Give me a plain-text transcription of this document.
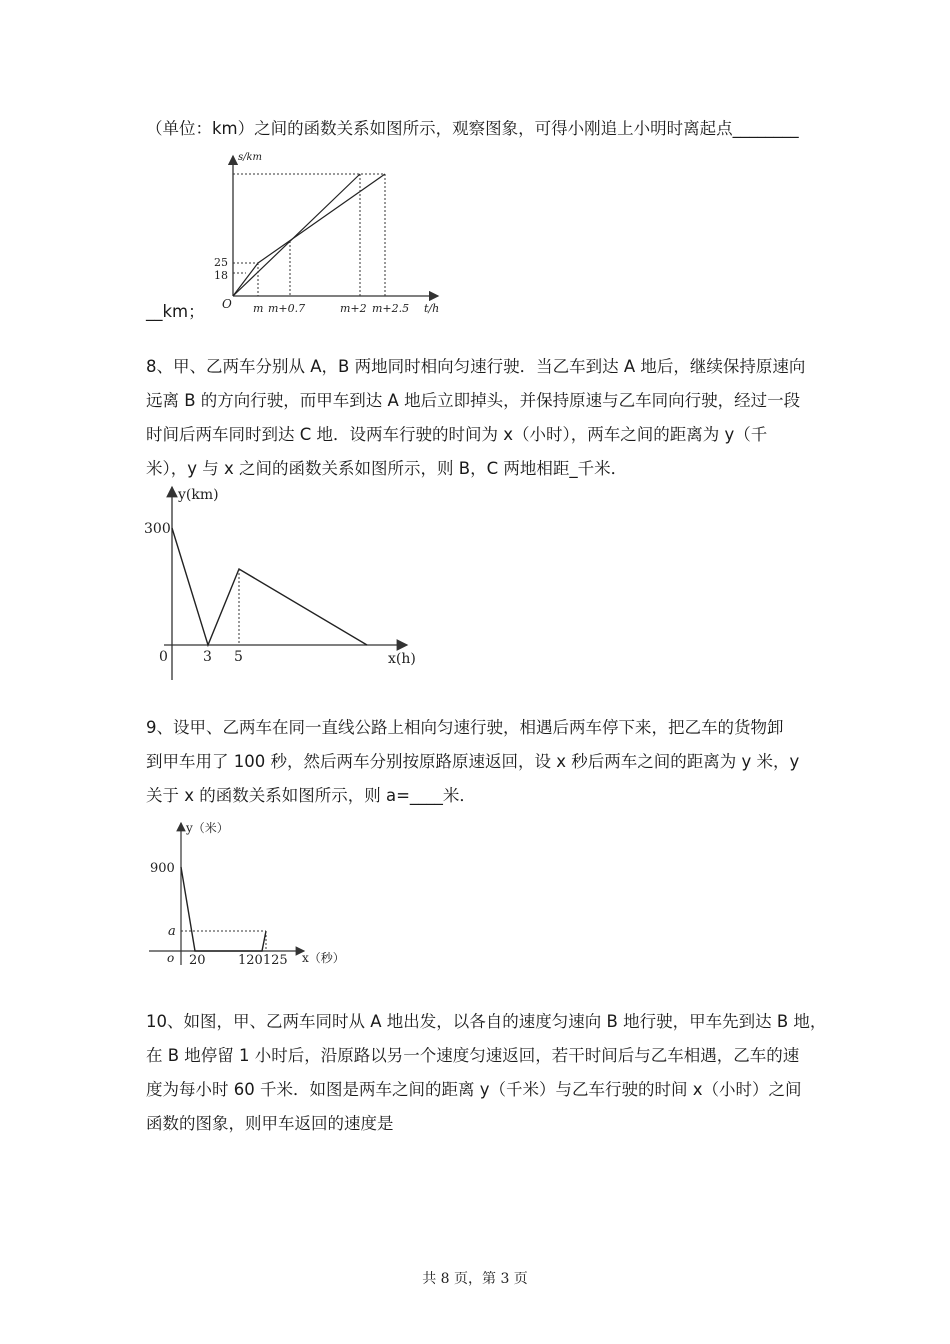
（单位：km）之间的函数关系如图所示，观察图象，可得小刚追上小明时离起点________
s/km
t/h
O
25
18
m m+0.7	m+2 m+2.5
__km；
8、甲、乙两车分别从 A，B 两地同时相向匀速行驶．当乙车到达 A 地后，继续保持原速向
远离 B 的方向行驶，而甲车到达 A 地后立即掉头，并保持原速与乙车同向行驶，经过一段
时间后两车同时到达 C 地．设两车行驶的时间为 x（小时），两车之间的距离为 y（千
米），y 与 x 之间的函数关系如图所示，则 B，C 两地相距_千米．
y(km)
x(h)
300
0	3 5
9、设甲、乙两车在同一直线公路上相向匀速行驶，相遇后两车停下来，把乙车的货物卸
到甲车用了 100 秒，然后两车分别按原路原速返回，设 x 秒后两车之间的距离为 y 米，y
关于 x 的函数关系如图所示，则 a=____米．
y（米）
x（秒）
900
a
o 20 120125
10、如图，甲、乙两车同时从 A 地出发，以各自的速度匀速向 B 地行驶，甲车先到达 B 地，
在 B 地停留 1 小时后，沿原路以另一个速度匀速返回，若干时间后与乙车相遇，乙车的速
度为每小时 60 千米．如图是两车之间的距离 y（千米）与乙车行驶的时间 x（小时）之间
函数的图象，则甲车返回的速度是
共 8 页，第 3 页
